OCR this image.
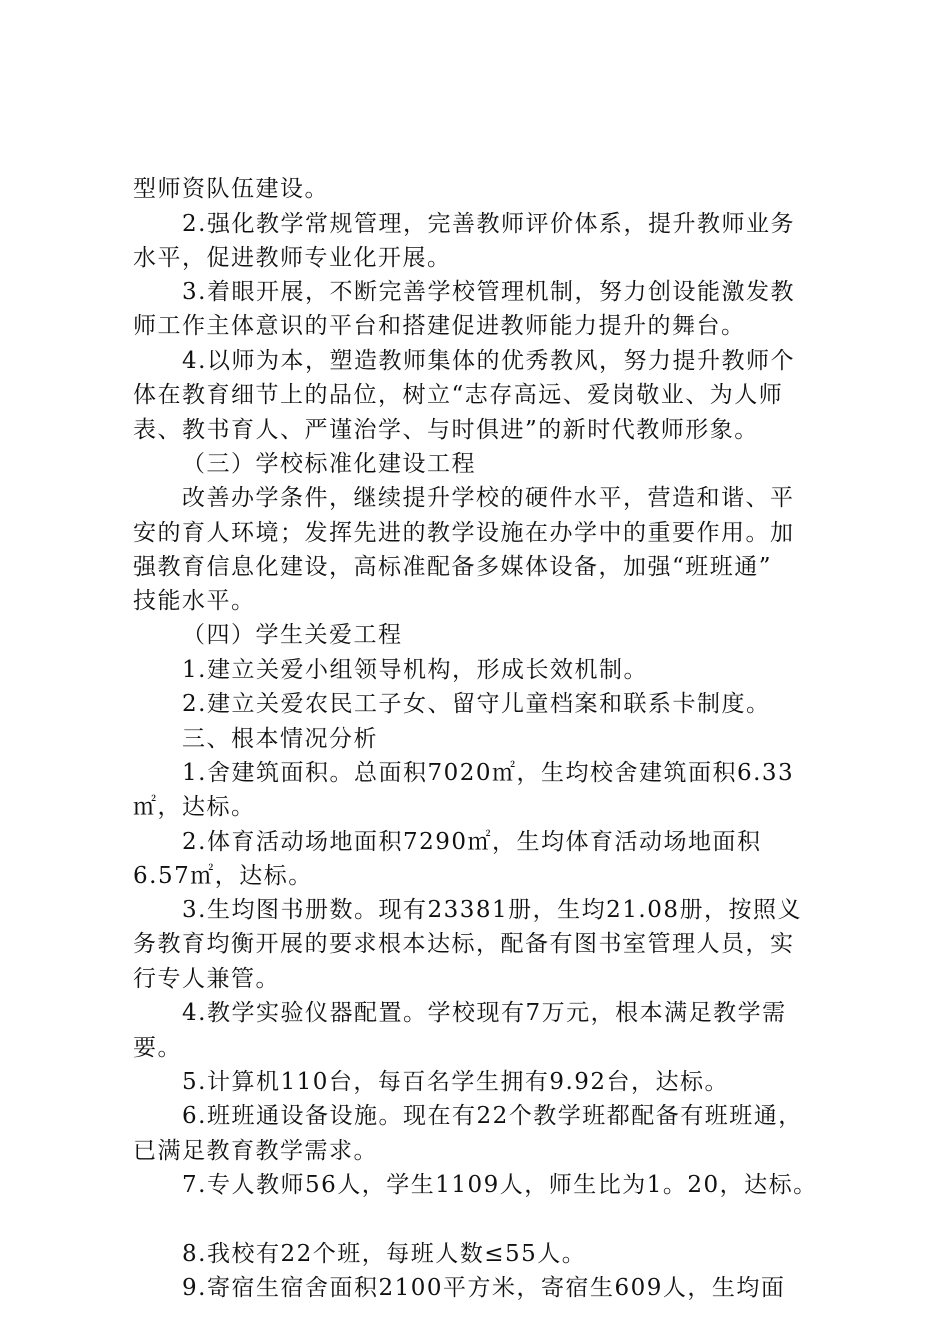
型师资队伍建设。
2.强化教学常规管理，完善教师评价体系，提升教师业务
水平，促进教师专业化开展。
3.着眼开展，不断完善学校管理机制，努力创设能激发教
师工作主体意识的平台和搭建促进教师能力提升的舞台。
4.以师为本，塑造教师集体的优秀教风，努力提升教师个
体在教育细节上的品位，树立“志存高远、爱岗敬业、为人师
表、教书育人、严谨治学、与时俱进”的新时代教师形象。
（三）学校标准化建设工程
改善办学条件，继续提升学校的硬件水平，营造和谐、平
安的育人环境；发挥先进的教学设施在办学中的重要作用。加
强教育信息化建设，高标准配备多媒体设备，加强“班班通”
技能水平。
（四）学生关爱工程
1.建立关爱小组领导机构，形成长效机制。
2.建立关爱农民工子女、留守儿童档案和联系卡制度。
三、根本情况分析
1.舍建筑面积。总面积7020㎡，生均校舍建筑面积6.33
㎡，达标。
2.体育活动场地面积7290㎡，生均体育活动场地面积
6.57㎡，达标。
3.生均图书册数。现有23381册，生均21.08册，按照义
务教育均衡开展的要求根本达标，配备有图书室管理人员，实
行专人兼管。
4.教学实验仪器配置。学校现有7万元，根本满足教学需
要。
5.计算机110台，每百名学生拥有9.92台，达标。
6.班班通设备设施。现在有22个教学班都配备有班班通，
已满足教育教学需求。
7.专人教师56人，学生1109人，师生比为1。20，达标。
8.我校有22个班，每班人数≤55人。
9.寄宿生宿舍面积2100平方米，寄宿生609人，生均面
